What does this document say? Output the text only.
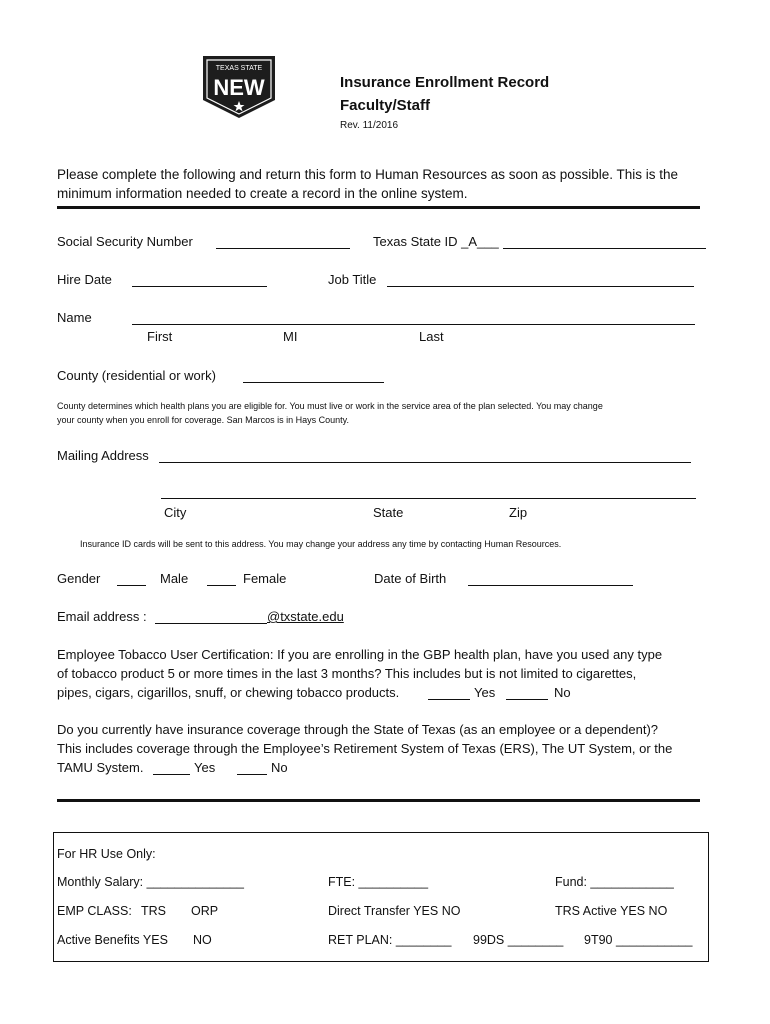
TEXAS STATE
NEW	Insurance Enrollment Record
Faculty/Staff
Rev. 11/2016
Please complete the following and return this form to Human Resources as soon as possible. This is the
minimum information needed to create a record in the online system.
Social Security Number	Texas State ID _A___
Hire Date	Job Title
Name
First	MI	Last
County (residential or work)
County determines which health plans you are eligible for. You must live or work in the service area of the plan selected. You may change
your county when you enroll for coverage. San Marcos is in Hays County.
Mailing Address
City	State	Zip
Insurance ID cards will be sent to this address. You may change your address any time by contacting Human Resources.
Gender	Male	Female	Date of Birth
Email address :	@txstate.edu
Employee Tobacco User Certification: If you are enrolling in the GBP health plan, have you used any type
of tobacco product 5 or more times in the last 3 months? This includes but is not limited to cigarettes,
pipes, cigars, cigarillos, snuff, or chewing tobacco products.	Yes	No
Do you currently have insurance coverage through the State of Texas (as an employee or a dependent)?
This includes coverage through the Employee’s Retirement System of Texas (ERS), The UT System, or the
TAMU System.	Yes	No
For HR Use Only:
Monthly Salary: ______________	FTE: __________	Fund: ____________
EMP CLASS: TRS ORP	Direct Transfer YES NO	TRS Active YES NO
Active Benefits YES NO	RET PLAN: ________ 99DS ________ 9T90 ___________
